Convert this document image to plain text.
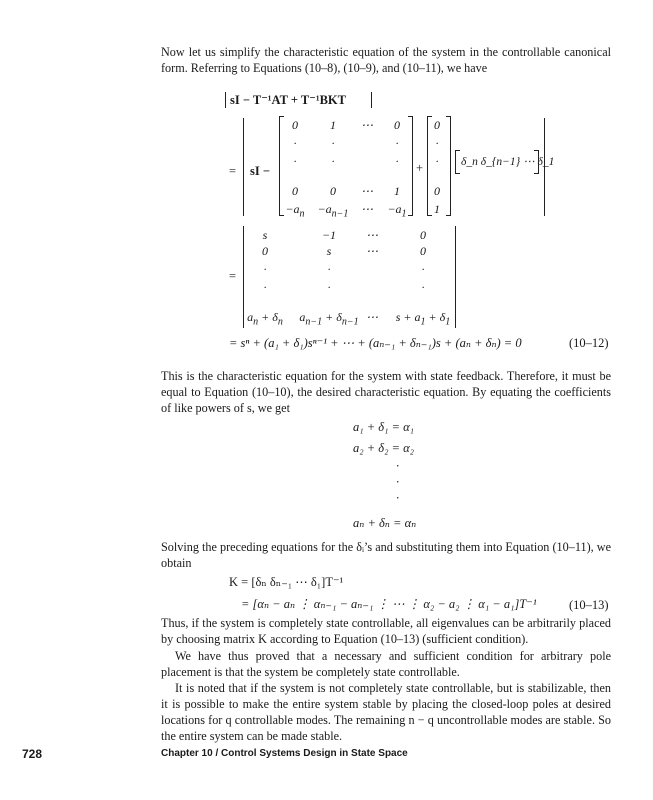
Now let us simplify the characteristic equation of the system in the controllable canonical form. Referring to Equations (10–8), (10–9), and (10–11), we have

sI − T⁻¹AT + T⁻¹BKT
= sI −
0	1 ⋯ 0
·	·	·
·	·	·
0	0 ⋯ 1
$-a_n -a_{n-1}$ ⋯ $-a_1$
+
0
·
·
0
1
δ_n δ_{n−1} ⋯ δ_1
=
s	−1 ⋯	0
0	s	⋯	0
·	·	·
·	·	·
$a_n + \delta_n$ $a_{n-1} + \delta_{n-1}$ ⋯ $s + a_1 + \delta_1$
= sⁿ + (a₁ + δ₁)sⁿ⁻¹ + ⋯ + (aₙ₋₁ + δₙ₋₁)s + (aₙ + δₙ) = 0	(10–12)

This is the characteristic equation for the system with state feedback. Therefore, it must be equal to Equation (10–10), the desired characteristic equation. By equating the coefficients of like powers of s, we get

a₁ + δ₁ = α₁
a₂ + δ₂ = α₂
·
·
·
aₙ + δₙ = αₙ

Solving the preceding equations for the δᵢ’s and substituting them into Equation (10–11), we obtain

K = [δₙ δₙ₋₁ ⋯ δ₁]T⁻¹
= [αₙ − aₙ ⋮ αₙ₋₁ − aₙ₋₁ ⋮ ⋯ ⋮ α₂ − a₂ ⋮ α₁ − a₁]T⁻¹	(10–13)

Thus, if the system is completely state controllable, all eigenvalues can be arbitrarily placed by choosing matrix K according to Equation (10–13) (sufficient condition).

We have thus proved that a necessary and sufficient condition for arbitrary pole placement is that the system be completely state controllable.

It is noted that if the system is not completely state controllable, but is stabilizable, then it is possible to make the entire system stable by placing the closed-loop poles at desired locations for q controllable modes. The remaining n − q uncontrollable modes are stable. So the entire system can be made stable.

728	Chapter 10 / Control Systems Design in State Space
